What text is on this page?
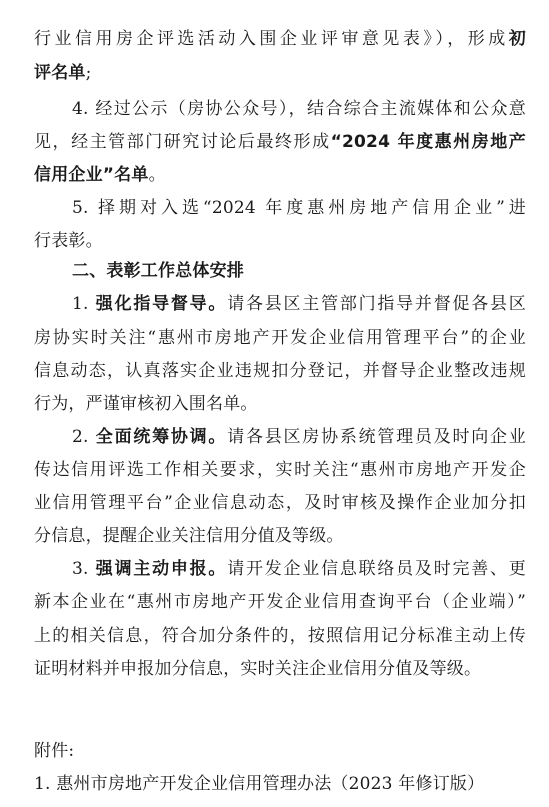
行业信用房企评选活动入围企业评审意见表》），形成初
评名单;
4. 经过公示（房协公众号），结合综合主流媒体和公众意
见，经主管部门研究讨论后最终形成“2024 年度惠州房地产
信用企业”名单。
5. 择期对入选“2024 年度惠州房地产信用企业”进
行表彰。
二、表彰工作总体安排
1. 强化指导督导。请各县区主管部门指导并督促各县区
房协实时关注“惠州市房地产开发企业信用管理平台”的企业
信息动态，认真落实企业违规扣分登记，并督导企业整改违规
行为，严谨审核初入围名单。
2. 全面统筹协调。请各县区房协系统管理员及时向企业
传达信用评选工作相关要求，实时关注“惠州市房地产开发企
业信用管理平台”企业信息动态，及时审核及操作企业加分扣
分信息，提醒企业关注信用分值及等级。
3. 强调主动申报。请开发企业信息联络员及时完善、更
新本企业在“惠州市房地产开发企业信用查询平台（企业端）”
上的相关信息，符合加分条件的，按照信用记分标准主动上传
证明材料并申报加分信息，实时关注企业信用分值及等级。
附件:
1. 惠州市房地产开发企业信用管理办法（2023 年修订版）
